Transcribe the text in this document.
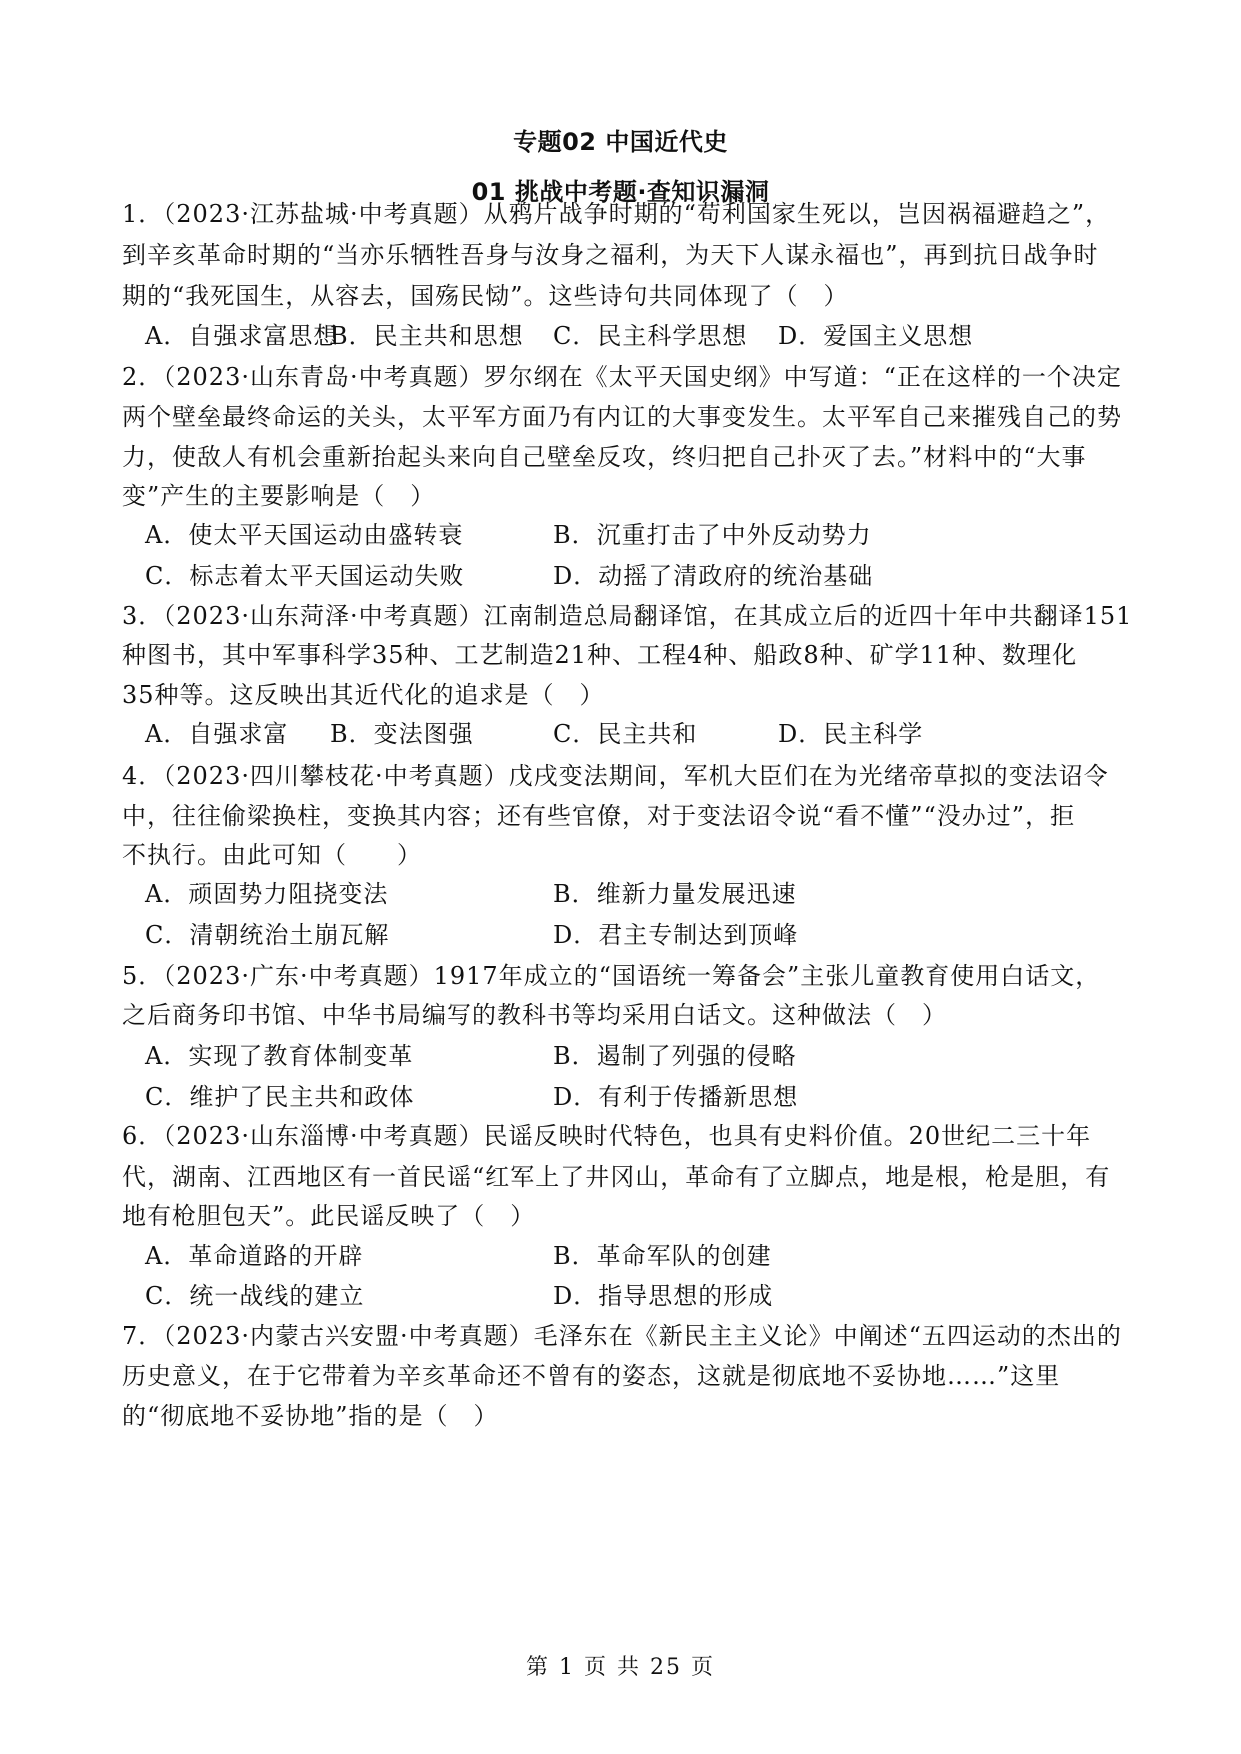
专题02 中国近代史
01 挑战中考题·查知识漏洞
1．（2023·江苏盐城·中考真题）从鸦片战争时期的“苟利国家生死以，岂因祸福避趋之”，
到辛亥革命时期的“当亦乐牺牲吾身与汝身之福利，为天下人谋永福也”，再到抗日战争时
期的“我死国生，从容去，国殇民恸”。这些诗句共同体现了（　）
A．自强求富思想
B．民主共和思想 C．民主科学思想 D．爱国主义思想
2．（2023·山东青岛·中考真题）罗尔纲在《太平天国史纲》中写道：“正在这样的一个决定
两个壁垒最终命运的关头，太平军方面乃有内讧的大事变发生。太平军自己来摧残自己的势
力，使敌人有机会重新抬起头来向自己壁垒反攻，终归把自己扑灭了去。”材料中的“大事
变”产生的主要影响是（　）
A．使太平天国运动由盛转衰	B．沉重打击了中外反动势力
C．标志着太平天国运动失败	D．动摇了清政府的统治基础
3．（2023·山东菏泽·中考真题）江南制造总局翻译馆，在其成立后的近四十年中共翻译151
种图书，其中军事科学35种、工艺制造21种、工程4种、船政8种、矿学11种、数理化
35种等。这反映出其近代化的追求是（　）
A．自强求富 B．变法图强	C．民主共和	D．民主科学
4．（2023·四川攀枝花·中考真题）戊戌变法期间，军机大臣们在为光绪帝草拟的变法诏令
中，往往偷梁换柱，变换其内容；还有些官僚，对于变法诏令说“看不懂”“没办过”，拒
不执行。由此可知（　　）
A．顽固势力阻挠变法	B．维新力量发展迅速
C．清朝统治土崩瓦解	D．君主专制达到顶峰
5．（2023·广东·中考真题）1917年成立的“国语统一筹备会”主张儿童教育使用白话文，
之后商务印书馆、中华书局编写的教科书等均采用白话文。这种做法（　）
A．实现了教育体制变革	B．遏制了列强的侵略
C．维护了民主共和政体	D．有利于传播新思想
6．（2023·山东淄博·中考真题）民谣反映时代特色，也具有史料价值。20世纪二三十年
代，湖南、江西地区有一首民谣“红军上了井冈山，革命有了立脚点，地是根，枪是胆，有
地有枪胆包天”。此民谣反映了（　）
A．革命道路的开辟	B．革命军队的创建
C．统一战线的建立	D．指导思想的形成
7．（2023·内蒙古兴安盟·中考真题）毛泽东在《新民主主义论》中阐述“五四运动的杰出的
历史意义，在于它带着为辛亥革命还不曾有的姿态，这就是彻底地不妥协地……”这里
的“彻底地不妥协地”指的是（　）
第 1 页 共 25 页
